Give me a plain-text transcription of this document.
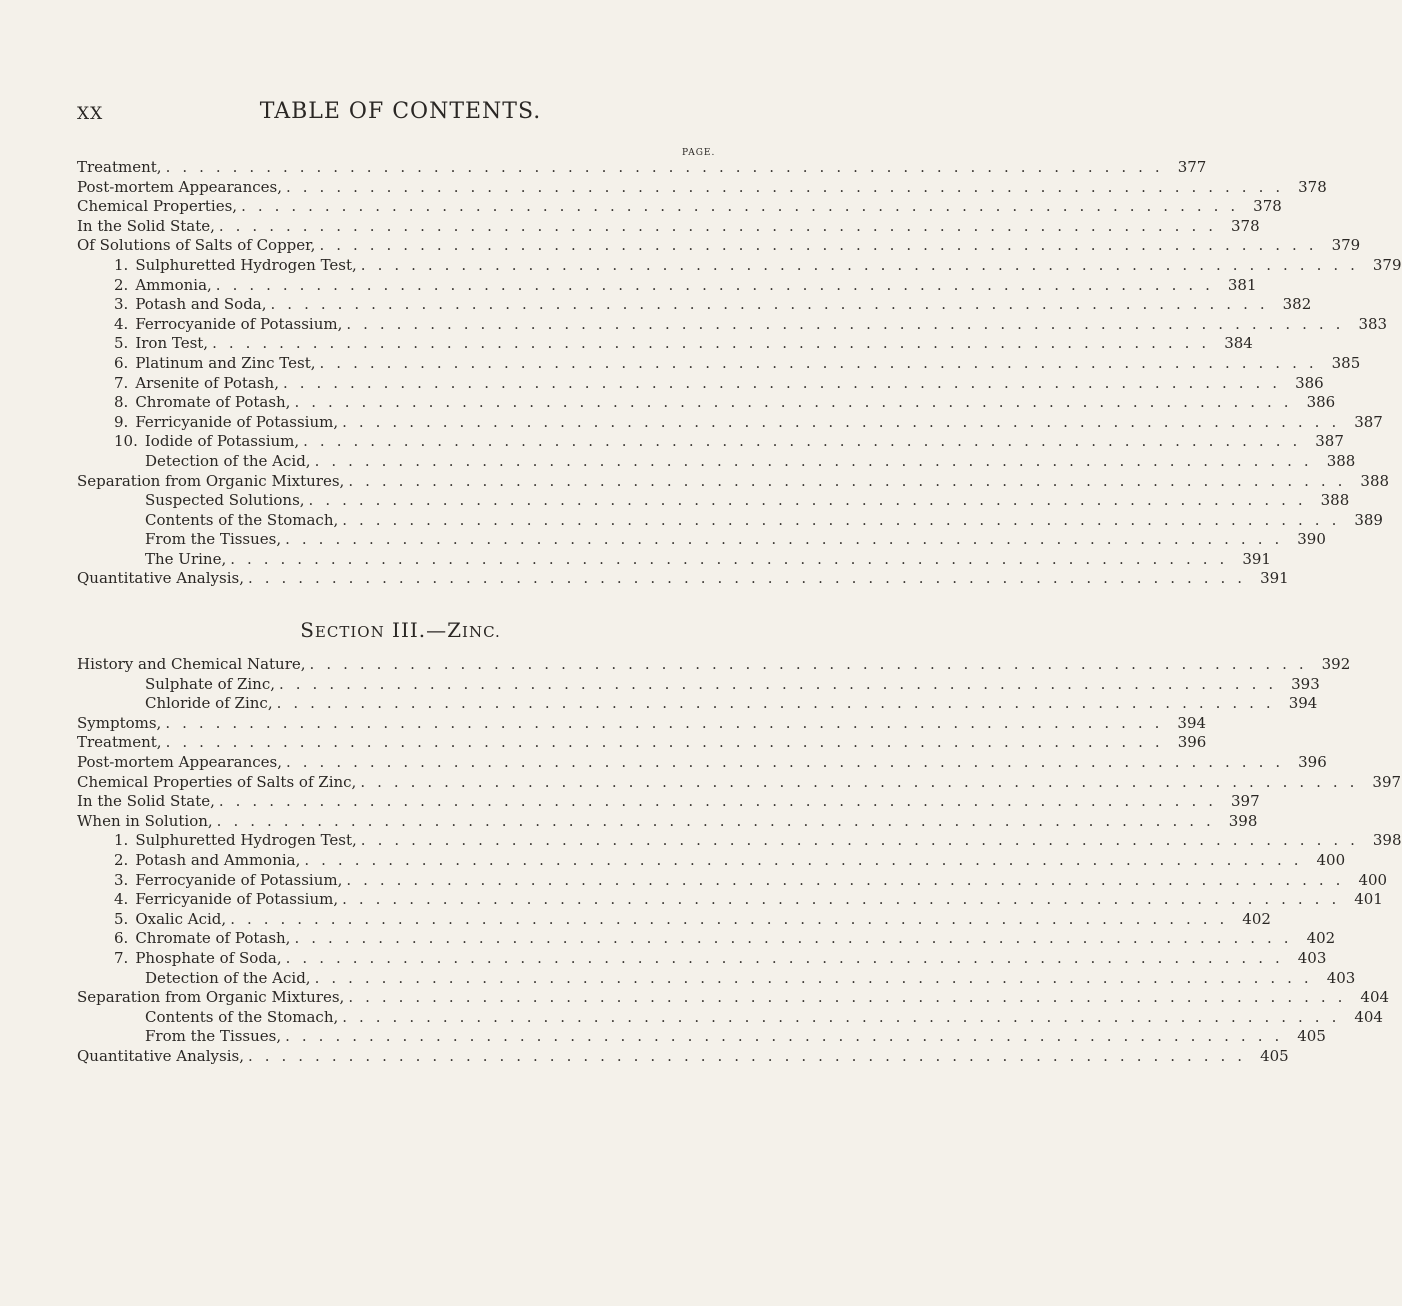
XX	TABLE OF CONTENTS.
PAGE.
Treatment, ............................................................ 377
Post-mortem Appearances, ............................................................ 378
Chemical Properties, ............................................................ 378
In the Solid State, ............................................................ 378
Of Solutions of Salts of Copper, ............................................................ 379
1. Sulphuretted Hydrogen Test, ............................................................ 379
2. Ammonia, ............................................................ 381
3. Potash and Soda, ............................................................ 382
4. Ferrocyanide of Potassium, ............................................................ 383
5. Iron Test, ............................................................ 384
6. Platinum and Zinc Test, ............................................................ 385
7. Arsenite of Potash, ............................................................ 386
8. Chromate of Potash, ............................................................ 386
9. Ferricyanide of Potassium, ............................................................ 387
10. Iodide of Potassium, ............................................................ 387
Detection of the Acid, ............................................................ 388
Separation from Organic Mixtures, ............................................................ 388
Suspected Solutions, ............................................................ 388
Contents of the Stomach, ............................................................ 389
From the Tissues, ............................................................ 390
The Urine, ............................................................ 391
Quantitative Analysis, ............................................................ 391
SECTION III.—ZINC.
History and Chemical Nature, ............................................................ 392
Sulphate of Zinc, ............................................................ 393
Chloride of Zinc, ............................................................ 394
Symptoms, ............................................................ 394
Treatment, ............................................................ 396
Post-mortem Appearances, ............................................................ 396
Chemical Properties of Salts of Zinc, ............................................................ 397
In the Solid State, ............................................................ 397
When in Solution, ............................................................ 398
1. Sulphuretted Hydrogen Test, ............................................................ 398
2. Potash and Ammonia, ............................................................ 400
3. Ferrocyanide of Potassium, ............................................................ 400
4. Ferricyanide of Potassium, ............................................................ 401
5. Oxalic Acid, ............................................................ 402
6. Chromate of Potash, ............................................................ 402
7. Phosphate of Soda, ............................................................ 403
Detection of the Acid, ............................................................ 403
Separation from Organic Mixtures, ............................................................ 404
Contents of the Stomach, ............................................................ 404
From the Tissues, ............................................................ 405
Quantitative Analysis, ............................................................ 405
